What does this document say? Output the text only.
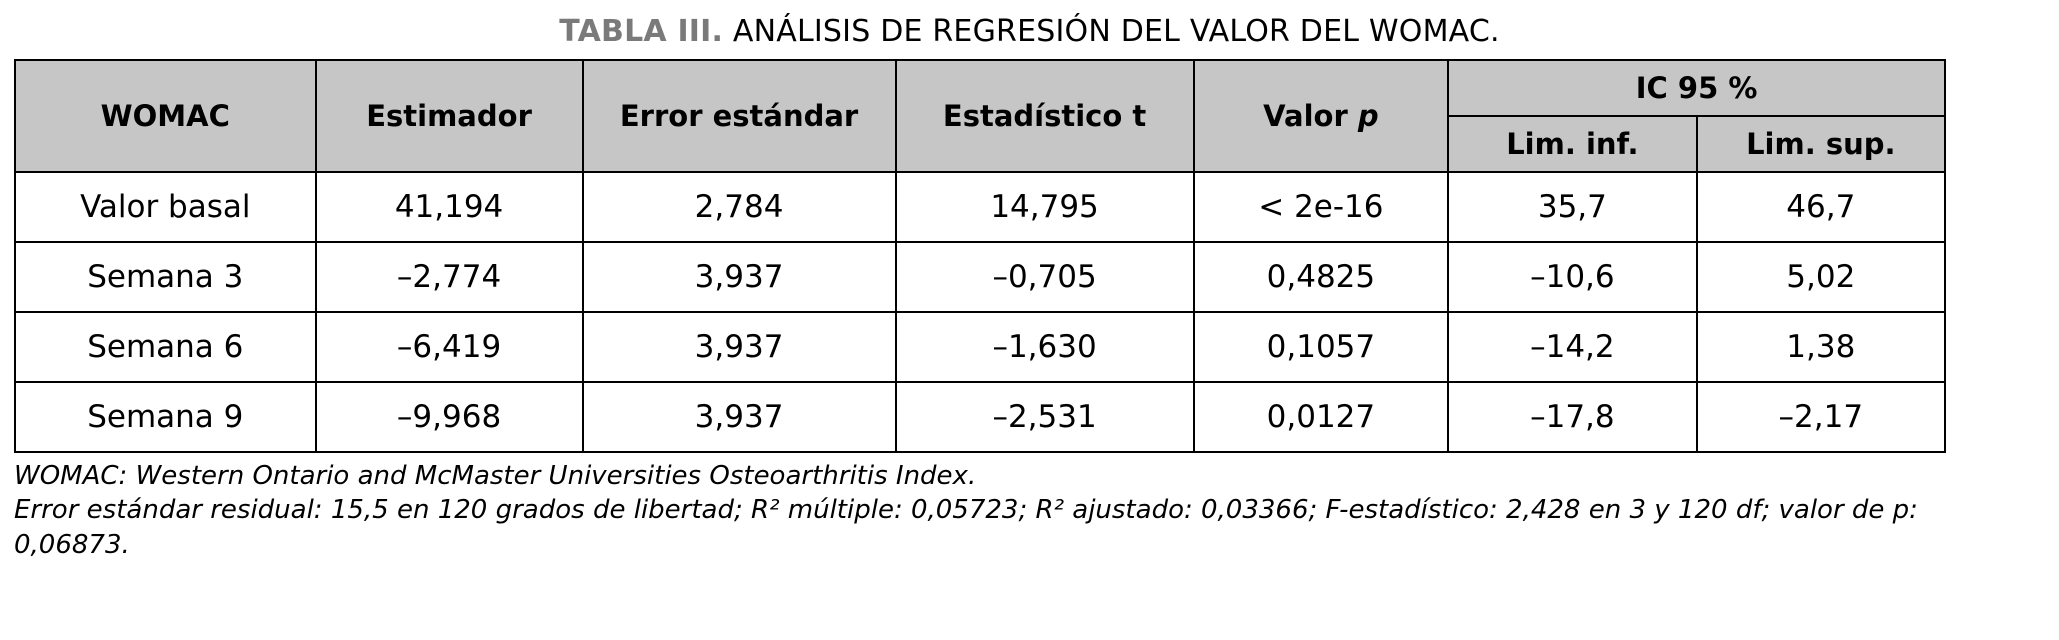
TABLA III. ANÁLISIS DE REGRESIÓN DEL VALOR DEL WOMAC.
WOMAC	Estimador	Error estándar	Estadístico t	Valor p	IC 95 %	
					Lim. inf.	Lim. sup.
Valor basal	41,194	2,784	14,795	< 2e-16	35,7	46,7
Semana 3	–2,774	3,937	–0,705	0,4825	–10,6	5,02
Semana 6	–6,419	3,937	–1,630	0,1057	–14,2	1,38
Semana 9	–9,968	3,937	–2,531	0,0127	–17,8	–2,17
WOMAC: Western Ontario and McMaster Universities Osteoarthritis Index.
Error estándar residual: 15,5 en 120 grados de libertad; R² múltiple: 0,05723; R² ajustado: 0,03366; F-estadístico: 2,428 en 3 y 120 df; valor de p: 0,06873.
